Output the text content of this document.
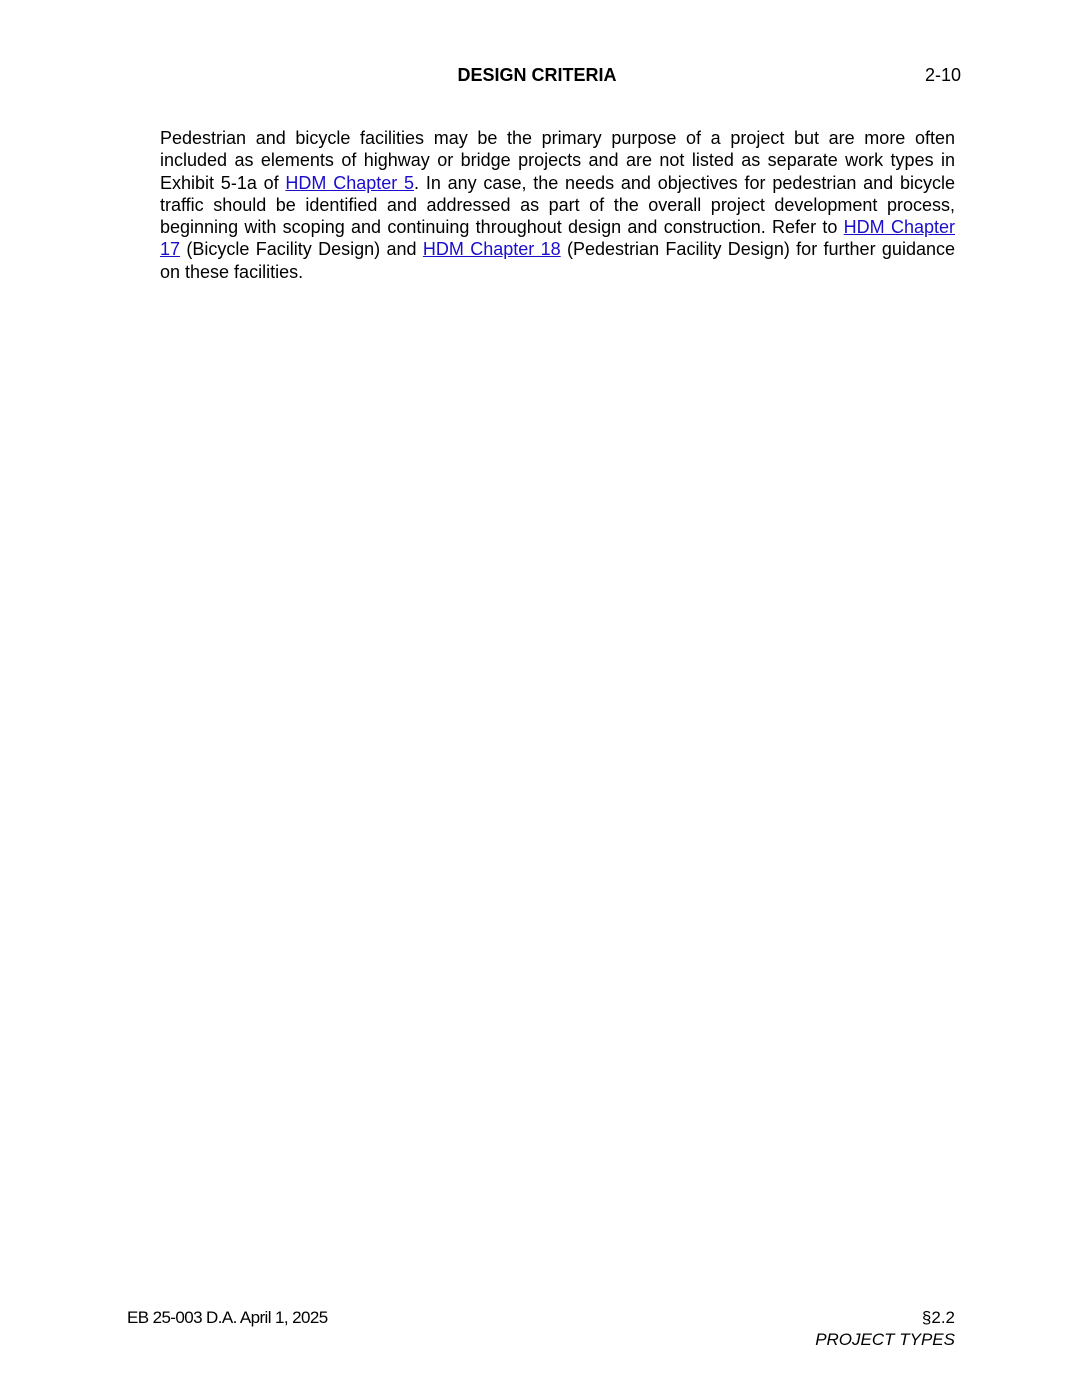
DESIGN CRITERIA	2-10

Pedestrian and bicycle facilities may be the primary purpose of a project but are more often included as elements of highway or bridge projects and are not listed as separate work types in Exhibit 5-1a of HDM Chapter 5. In any case, the needs and objectives for pedestrian and bicycle traffic should be identified and addressed as part of the overall project development process, beginning with scoping and continuing throughout design and construction. Refer to HDM Chapter 17 (Bicycle Facility Design) and HDM Chapter 18 (Pedestrian Facility Design) for further guidance on these facilities.

EB 25-003 D.A. April 1, 2025	§2.2
PROJECT TYPES
